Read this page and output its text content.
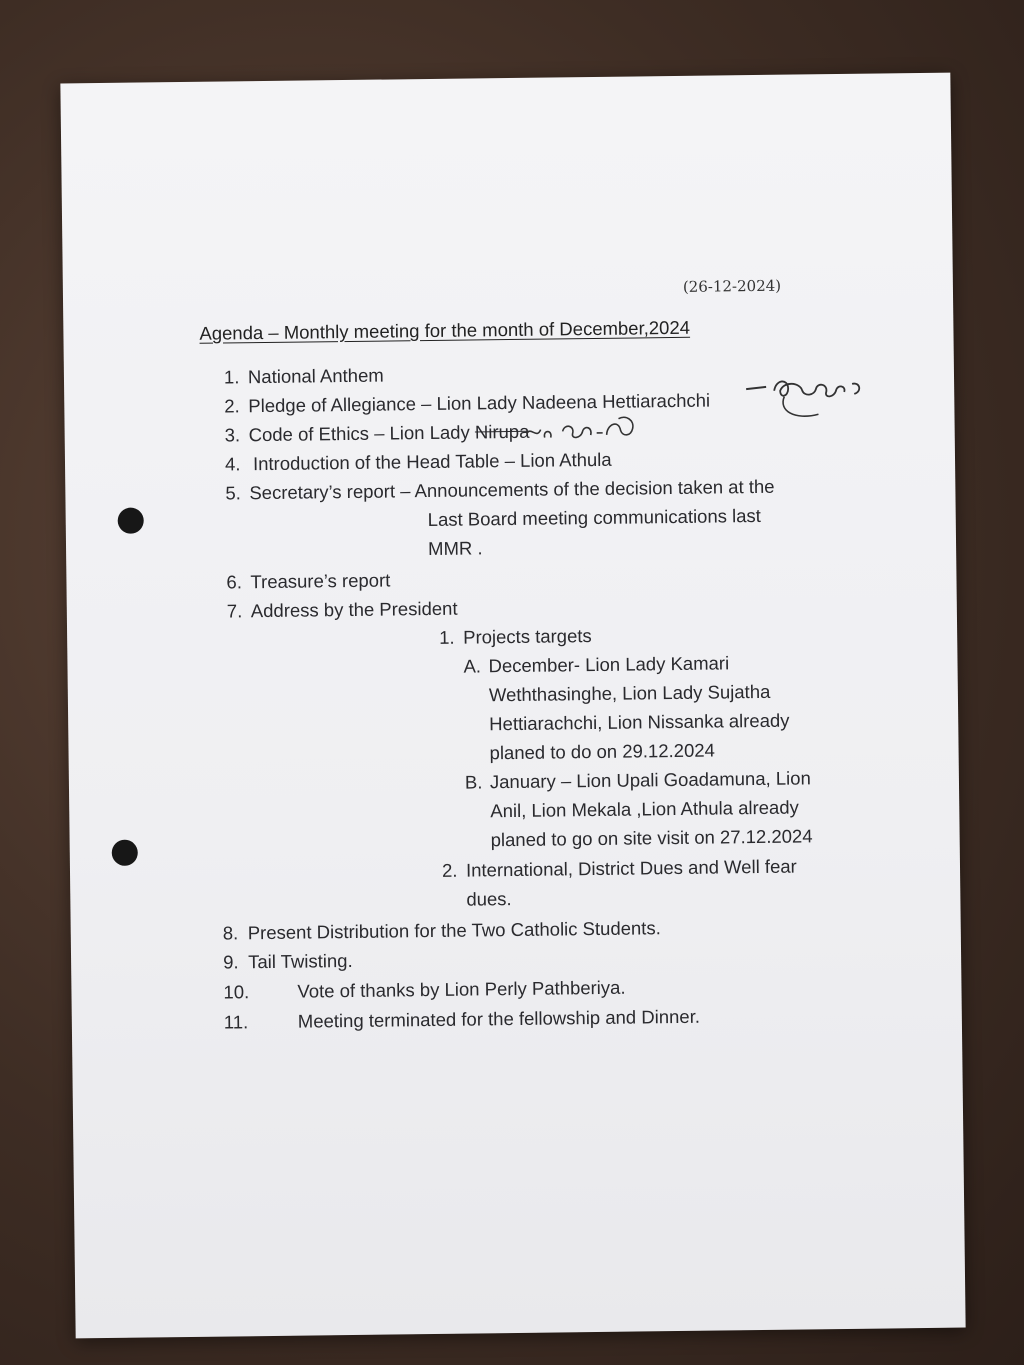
(26-12-2024)
Agenda – Monthly meeting for the month of December,2024
1. National Anthem
2. Pledge of Allegiance – Lion Lady Nadeena Hettiarachchi
3. Code of Ethics – Lion Lady Nirupa
4. Introduction of the Head Table – Lion Athula
5. Secretary’s report – Announcements of the decision taken at the
Last Board meeting communications last
MMR .
6. Treasure’s report
7. Address by the President
1. Projects targets
A. December- Lion Lady Kamari
Weththasinghe, Lion Lady Sujatha
Hettiarachchi, Lion Nissanka already
planed to do on 29.12.2024
B. January – Lion Upali Goadamuna, Lion
Anil, Lion Mekala ,Lion Athula already
planed to go on site visit on 27.12.2024
2. International, District Dues and Well fear
dues.
8. Present Distribution for the Two Catholic Students.
9. Tail Twisting.
10.	Vote of thanks by Lion Perly Pathberiya.
11.	Meeting terminated for the fellowship and Dinner.
